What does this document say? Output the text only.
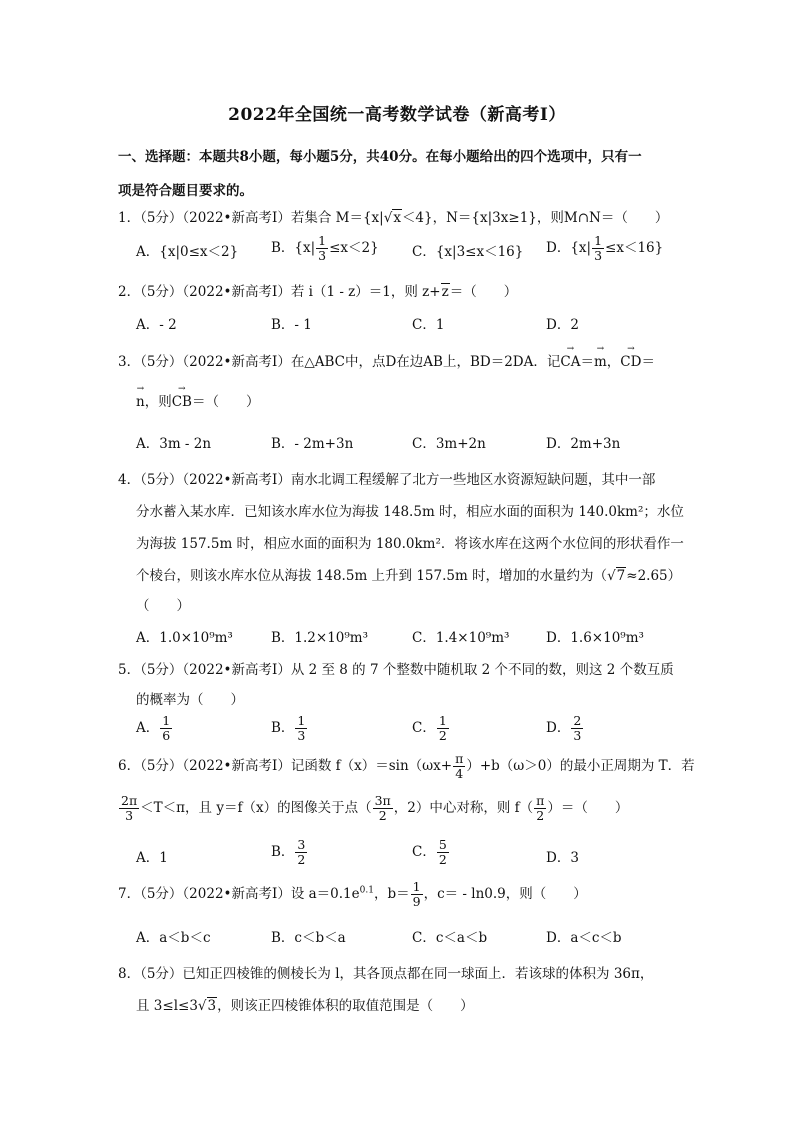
2022年全国统一高考数学试卷（新高考Ⅰ）
一、选择题：本题共8小题，每小题5分，共40分。在每小题给出的四个选项中，只有一
项是符合题目要求的。
1．（5分）（2022•新高考Ⅰ）若集合 M＝{x|√x＜4}，N＝{x|3x≥1}，则M∩N＝（　　）
A．{x|0≤x＜2} B．$\{x| \frac{1}{3} \le x<2\}$ C．{x|3≤x＜16} D．$\{x| \frac{1}{3} \le x<16\}$
2．（5分）（2022•新高考Ⅰ）若 i（1 - z）＝1，则 z+z＝（　　）
A．- 2	B．- 1	C．1	D．2
3．（5分）（2022•新高考Ⅰ）在△ABC中，点D在边AB上，BD＝2DA．记→ CA＝→ m，→ CD＝
→ n，则→ CB＝（　　）
A．3m - 2n	B．- 2m+3n	C．3m+2n	D．2m+3n
4．（5分）（2022•新高考Ⅰ）南水北调工程缓解了北方一些地区水资源短缺问题，其中一部
分水蓄入某水库．已知该水库水位为海拔 148.5m 时，相应水面的面积为 140.0km²；水位
为海拔 157.5m 时，相应水面的面积为 180.0km²．将该水库在这两个水位间的形状看作一
个棱台，则该水库水位从海拔 148.5m 上升到 157.5m 时，增加的水量约为（√7≈2.65）
（　　）
A．1.0×10⁹m³	B．1.2×10⁹m³	C．1.4×10⁹m³	D．1.6×10⁹m³
5．（5分）（2022•新高考Ⅰ）从 2 至 8 的 7 个整数中随机取 2 个不同的数，则这 2 个数互质
的概率为（　　）
A． $\frac{1}{6}$	B． $\frac{1}{3}$	C． $\frac{1}{2}$	D． $\frac{2}{3}$
6．（5分）（2022•新高考Ⅰ）记函数 $f(x)=\sin(\omega x+ \frac{\pi}{4} )+b(\omega>0)$的最小正周期为 T．若
$\frac{2\pi}{3} <T<\pi$，且 y＝f（x）的图像关于点（ $\frac{3\pi}{2}$ ，2）中心对称，则 $f( \frac{\pi}{2}$ ）＝（　　）
A．1	B． $\frac{3}{2}$	C． $\frac{5}{2}$	D．3
7．（5分）（2022•新高考Ⅰ）设 $a=0.1e^{0.1}$，$b= \frac{1}{9}$ ，c＝ - ln0.9，则（　　）
A．a＜b＜c	B．c＜b＜a	C．c＜a＜b	D．a＜c＜b
8．（5分）已知正四棱锥的侧棱长为 l，其各顶点都在同一球面上．若该球的体积为 36π，
且 3≤l≤3√3，则该正四棱锥体积的取值范围是（　　）
